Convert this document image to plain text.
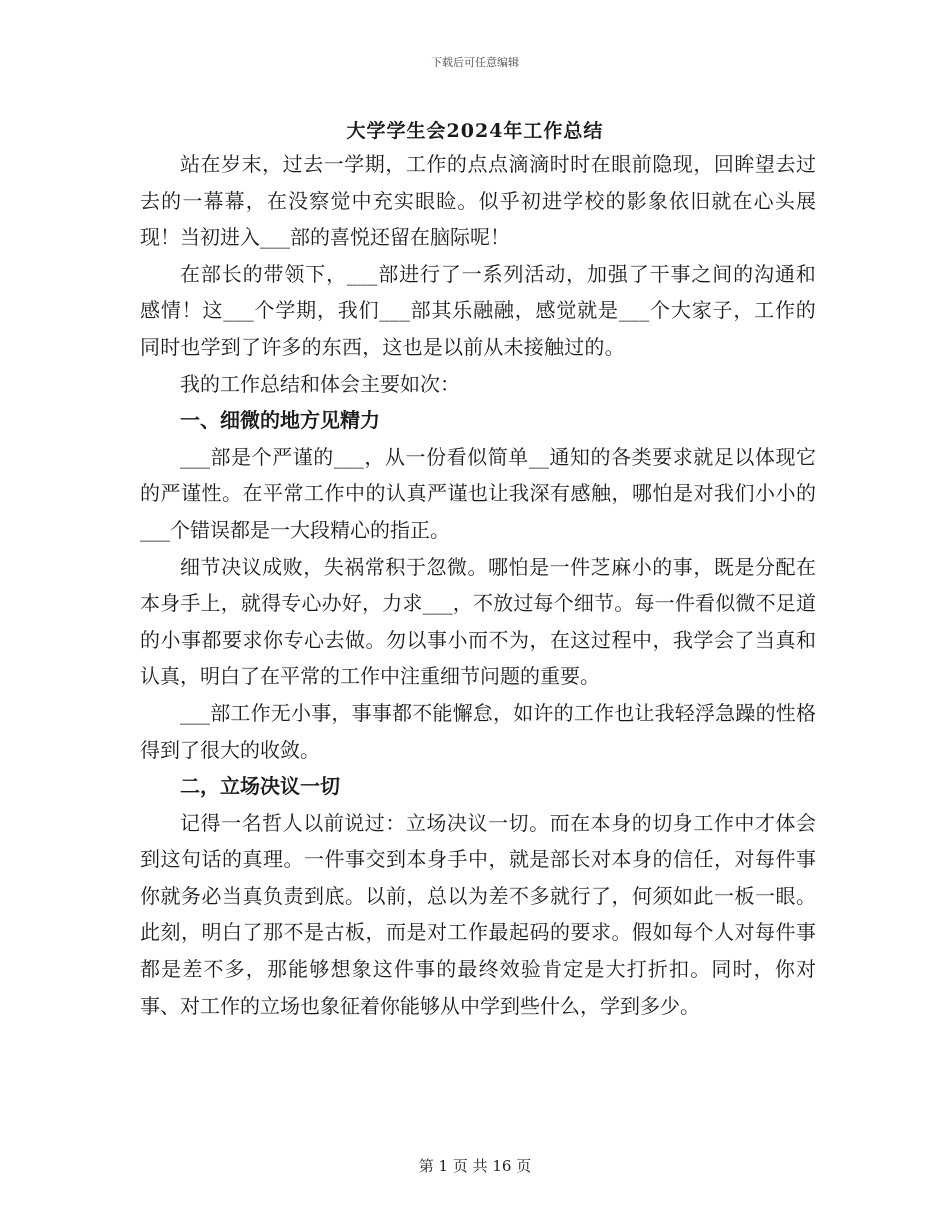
下载后可任意编辑
大学学生会2024年工作总结

站在岁末，过去一学期，工作的点点滴滴时时在眼前隐现，回眸望去过去的一幕幕，在没察觉中充实眼睑。似乎初进学校的影象依旧就在心头展现！当初进入___部的喜悦还留在脑际呢！

在部长的带领下，___部进行了一系列活动，加强了干事之间的沟通和感情！这___个学期，我们___部其乐融融，感觉就是___个大家子，工作的同时也学到了许多的东西，这也是以前从未接触过的。

我的工作总结和体会主要如次：

一、细微的地方见精力

___部是个严谨的___，从一份看似简单__通知的各类要求就足以体现它的严谨性。在平常工作中的认真严谨也让我深有感触，哪怕是对我们小小的___个错误都是一大段精心的指正。

细节决议成败，失祸常积于忽微。哪怕是一件芝麻小的事，既是分配在本身手上，就得专心办好，力求___，不放过每个细节。每一件看似微不足道的小事都要求你专心去做。勿以事小而不为，在这过程中，我学会了当真和认真，明白了在平常的工作中注重细节问题的重要。

___部工作无小事，事事都不能懈怠，如许的工作也让我轻浮急躁的性格得到了很大的收敛。

二，立场决议一切

记得一名哲人以前说过：立场决议一切。而在本身的切身工作中才体会到这句话的真理。一件事交到本身手中，就是部长对本身的信任，对每件事你就务必当真负责到底。以前，总以为差不多就行了，何须如此一板一眼。此刻，明白了那不是古板，而是对工作最起码的要求。假如每个人对每件事都是差不多，那能够想象这件事的最终效验肯定是大打折扣。同时，你对事、对工作的立场也象征着你能够从中学到些什么，学到多少。

第 1 页 共 16 页
